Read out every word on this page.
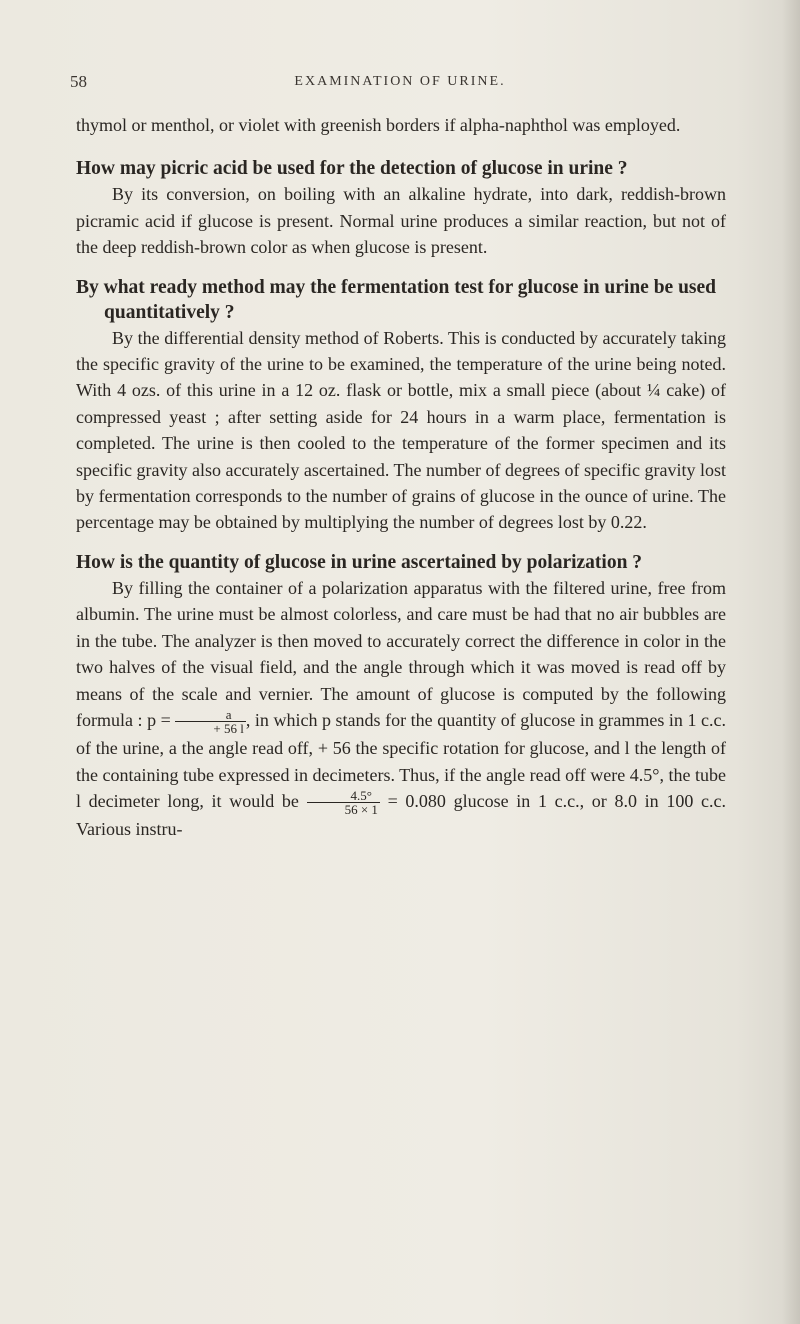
58	EXAMINATION OF URINE.

thymol or menthol, or violet with greenish borders if alpha-naphthol was employed.

How may picric acid be used for the detection of glucose in urine ?

By its conversion, on boiling with an alkaline hydrate, into dark, reddish-brown picramic acid if glucose is present. Normal urine produces a similar reaction, but not of the deep reddish-brown color as when glucose is present.

By what ready method may the fermentation test for glucose in urine be used quantitatively ?

By the differential density method of Roberts. This is conducted by accurately taking the specific gravity of the urine to be examined, the temperature of the urine being noted. With 4 ozs. of this urine in a 12 oz. flask or bottle, mix a small piece (about ¼ cake) of compressed yeast ; after setting aside for 24 hours in a warm place, fermentation is completed. The urine is then cooled to the temperature of the former specimen and its specific gravity also accurately ascertained. The number of degrees of specific gravity lost by fermentation corresponds to the number of grains of glucose in the ounce of urine. The percentage may be obtained by multiplying the number of degrees lost by 0.22.

How is the quantity of glucose in urine ascertained by polarization ?

By filling the container of a polarization apparatus with the filtered urine, free from albumin. The urine must be almost colorless, and care must be had that no air bubbles are in the tube. The analyzer is then moved to accurately correct the difference in color in the two halves of the visual field, and the angle through which it was moved is read off by means of the scale and vernier. The amount of glucose is computed by the following formula : $p = \frac{a}{+ 56 l}$ , in which p stands for the quantity of glucose in grammes in 1 c.c. of the urine, a the angle read off, + 56 the specific rotation for glucose, and l the length of the containing tube expressed in decimeters. Thus, if the angle read off were 4.5°, the tube l decimeter long, it would be $\frac{4.5^\circ}{56 \times 1} = 0.080$ glucose in 1 c.c., or 8.0 in 100 c.c. Various instru-
